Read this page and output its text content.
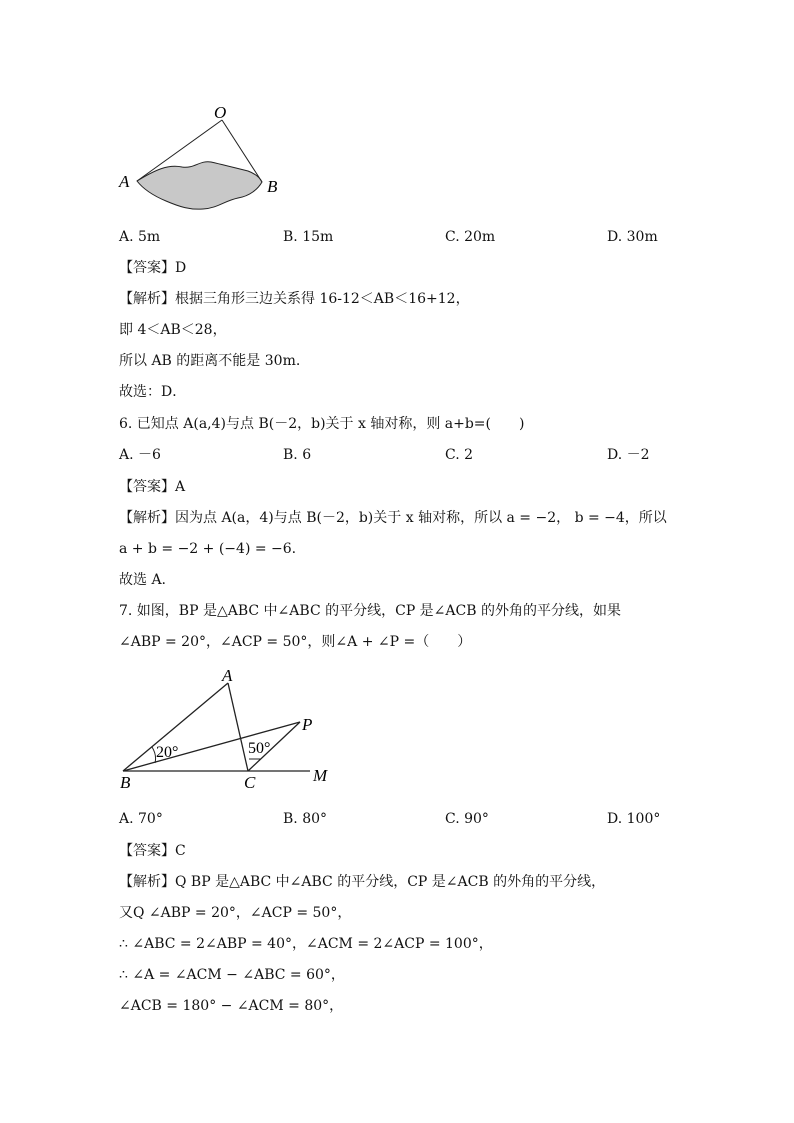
O
A	B
A. 5m	B. 15m	C. 20m	D. 30m
【答案】D
【解析】根据三角形三边关系得 16-12＜AB＜16+12，
即 4＜AB＜28，
所以 AB 的距离不能是 30m.
故选：D．
6. 已知点 A(a,4)与点 B(－2，b)关于 x 轴对称，则 a+b=(　　)
A. －6	B. 6	C. 2	D. －2
【答案】A
【解析】因为点 A(a，4)与点 B(－2，b)关于 x 轴对称，所以 a = −2， b = −4，所以
a + b = −2 + (−4) = −6.
故选 A.
7. 如图，BP 是△ABC 中∠ABC 的平分线，CP 是∠ACB 的外角的平分线，如果
∠ABP = 20°，∠ACP = 50°，则∠A + ∠P =（　　）
20°	50°
A
B	C
P
M
A. 70°	B. 80°	C. 90°	D. 100°
【答案】C
【解析】Q BP 是△ABC 中∠ABC 的平分线，CP 是∠ACB 的外角的平分线，
又Q ∠ABP = 20°，∠ACP = 50°，
∴ ∠ABC = 2∠ABP = 40°，∠ACM = 2∠ACP = 100°，
∴ ∠A = ∠ACM − ∠ABC = 60°，
∠ACB = 180° − ∠ACM = 80°，
